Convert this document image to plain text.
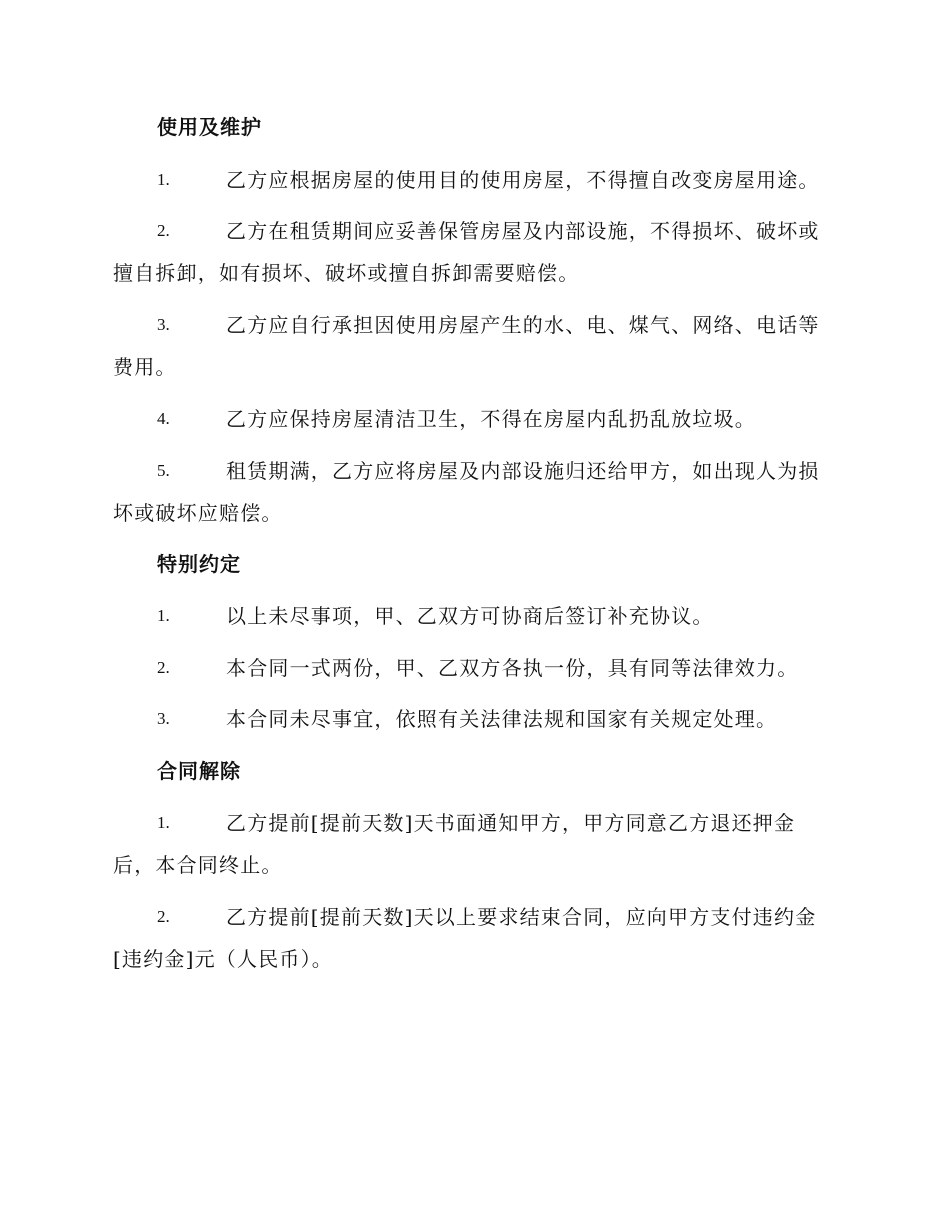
使用及维护
1.	乙方应根据房屋的使用目的使用房屋，不得擅自改变房屋用途。
2.	乙方在租赁期间应妥善保管房屋及内部设施，不得损坏、破坏或
擅自拆卸，如有损坏、破坏或擅自拆卸需要赔偿。
3.	乙方应自行承担因使用房屋产生的水、电、煤气、网络、电话等
费用。
4.	乙方应保持房屋清洁卫生，不得在房屋内乱扔乱放垃圾。
5.	租赁期满，乙方应将房屋及内部设施归还给甲方，如出现人为损
坏或破坏应赔偿。
特别约定
1.	以上未尽事项，甲、乙双方可协商后签订补充协议。
2.	本合同一式两份，甲、乙双方各执一份，具有同等法律效力。
3.	本合同未尽事宜，依照有关法律法规和国家有关规定处理。
合同解除
1.	乙方提前[提前天数]天书面通知甲方，甲方同意乙方退还押金
后，本合同终止。
2.	乙方提前[提前天数]天以上要求结束合同，应向甲方支付违约金
[违约金]元（人民币）。
